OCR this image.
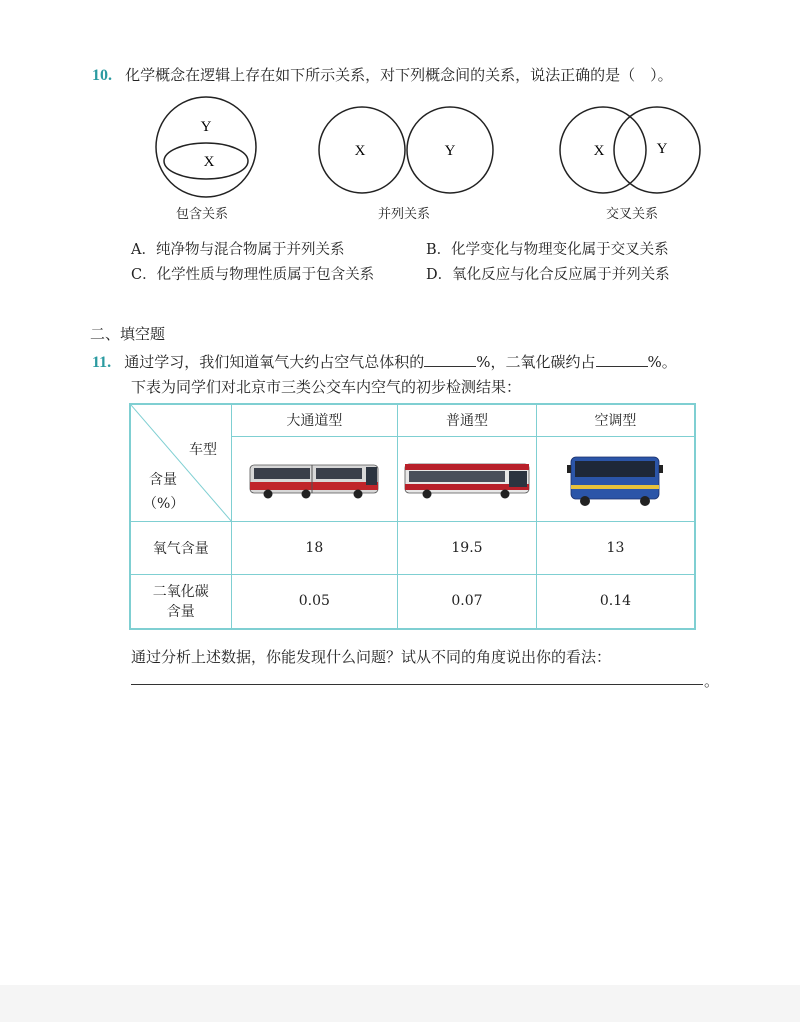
10. 化学概念在逻辑上存在如下所示关系，对下列概念间的关系，说法正确的是（　）。
Y
X
X	Y	X	Y
包含关系	并列关系	交叉关系
A．纯净物与混合物属于并列关系	B．化学变化与物理变化属于交叉关系
C．化学性质与物理性质属于包含关系	D．氧化反应与化合反应属于并列关系
二、填空题
11. 通过学习，我们知道氧气大约占空气总体积的	%，二氧化碳约占	%。
下表为同学们对北京市三类公交车内空气的初步检测结果：
车型
含量
（%）	大通道型	普通型	空调型

氧气含量	18	19.5	13

二氧化碳
含量	0.05	0.07	0.14
通过分析上述数据，你能发现什么问题？试从不同的角度说出你的看法：
。
